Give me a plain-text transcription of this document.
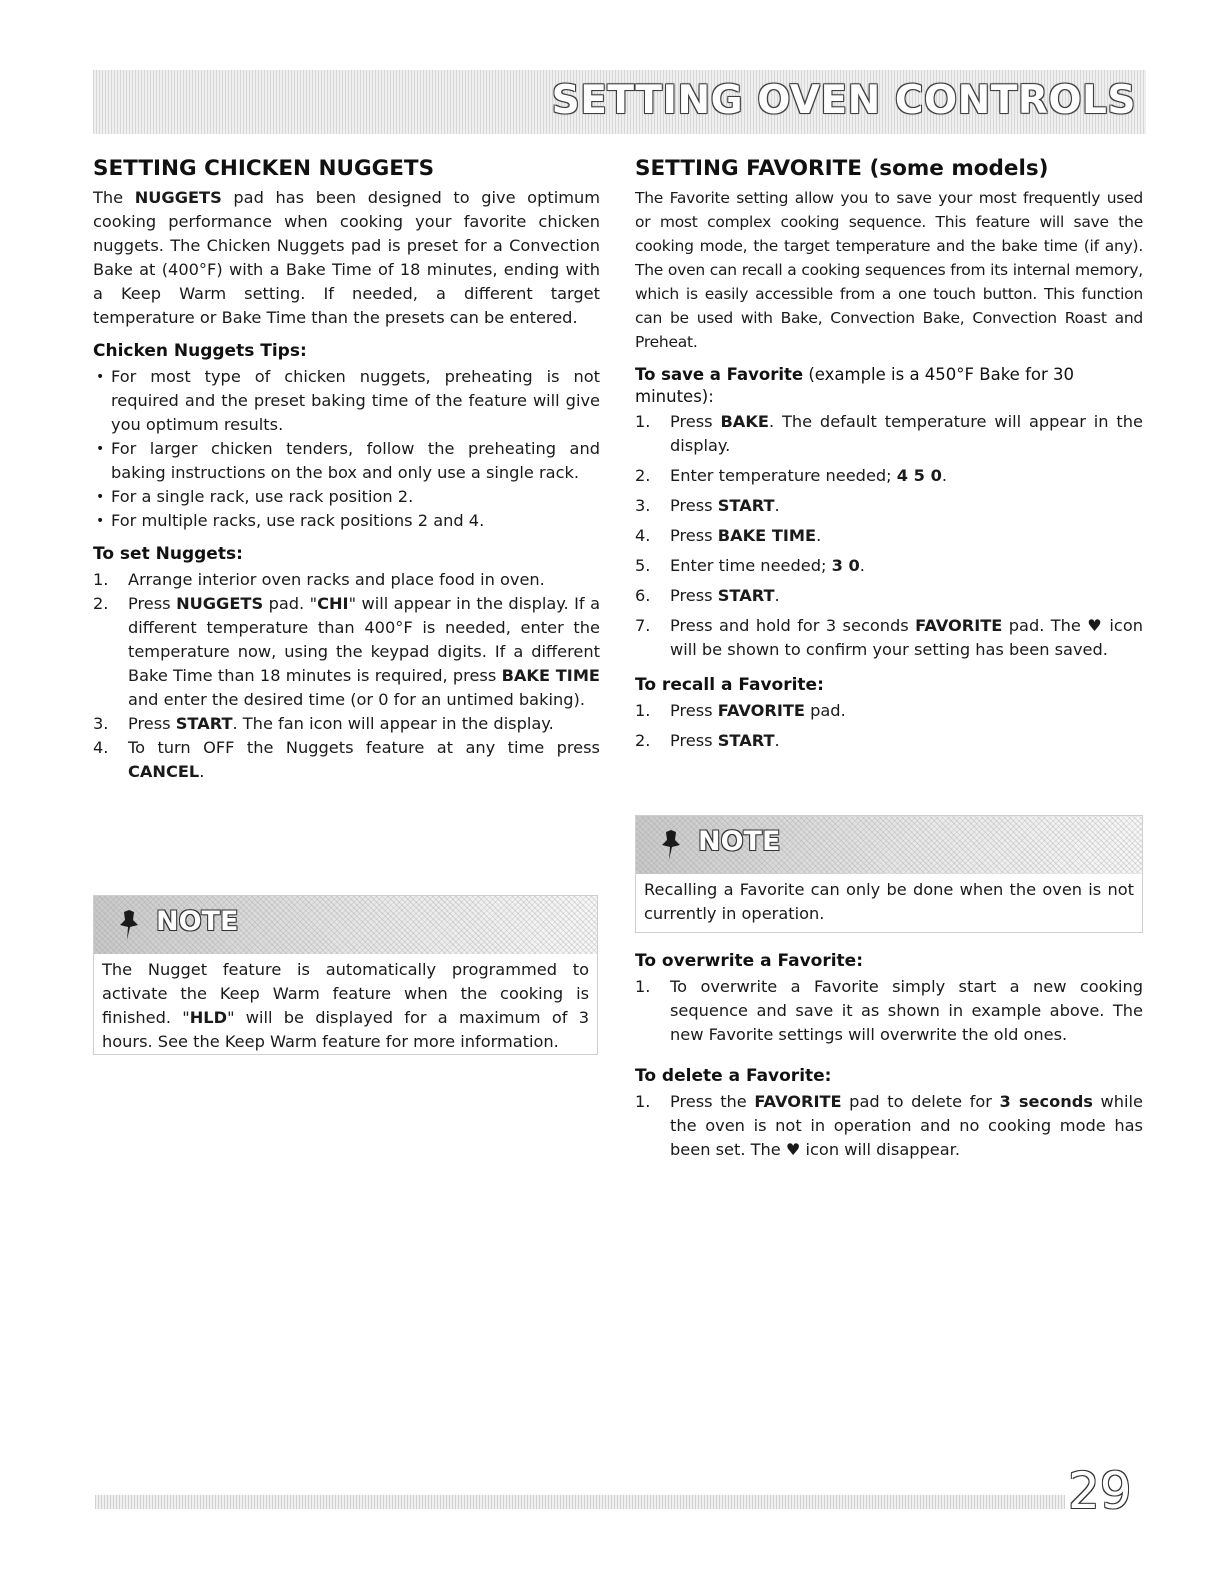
SETTING OVEN CONTROLS
SETTING CHICKEN NUGGETS

The NUGGETS pad has been designed to give optimum cooking performance when cooking your favorite chicken nuggets. The Chicken Nuggets pad is preset for a Convection Bake at (400°F) with a Bake Time of 18 minutes, ending with a Keep Warm setting. If needed, a different target temperature or Bake Time than the presets can be entered.

Chicken Nuggets Tips:
• For most type of chicken nuggets, preheating is not required and the preset baking time of the feature will give you optimum results.
• For larger chicken tenders, follow the preheating and baking instructions on the box and only use a single rack.
• For a single rack, use rack position 2.
• For multiple racks, use rack positions 2 and 4.
To set Nuggets:
1. Arrange interior oven racks and place food in oven.
2. Press NUGGETS pad. "CHI" will appear in the display. If a different temperature than 400°F is needed, enter the temperature now, using the keypad digits. If a different Bake Time than 18 minutes is required, press BAKE TIME and enter the desired time (or 0 for an untimed baking).
3. Press START. The fan icon will appear in the display.
4. To turn OFF the Nuggets feature at any time press CANCEL.
NOTE
The Nugget feature is automatically programmed to activate the Keep Warm feature when the cooking is finished. "HLD" will be displayed for a maximum of 3 hours. See the Keep Warm feature for more information.
SETTING FAVORITE (some models)

The Favorite setting allow you to save your most frequently used or most complex cooking sequence. This feature will save the cooking mode, the target temperature and the bake time (if any). The oven can recall a cooking sequences from its internal memory, which is easily accessible from a one touch button. This function can be used with Bake, Convection Bake, Convection Roast and Preheat.

To save a Favorite (example is a 450°F Bake for 30 minutes):
1. Press BAKE. The default temperature will appear in the display.
2. Enter temperature needed; 4 5 0.
3. Press START.
4. Press BAKE TIME.
5. Enter time needed; 3 0.
6. Press START.
7. Press and hold for 3 seconds FAVORITE pad. The ♥ icon will be shown to confirm your setting has been saved.
To recall a Favorite:
1. Press FAVORITE pad.
2. Press START.
NOTE
Recalling a Favorite can only be done when the oven is not currently in operation.
To overwrite a Favorite:
1. To overwrite a Favorite simply start a new cooking sequence and save it as shown in example above. The new Favorite settings will overwrite the old ones.
To delete a Favorite:
1. Press the FAVORITE pad to delete for 3 seconds while the oven is not in operation and no cooking mode has been set. The ♥ icon will disappear.
29
